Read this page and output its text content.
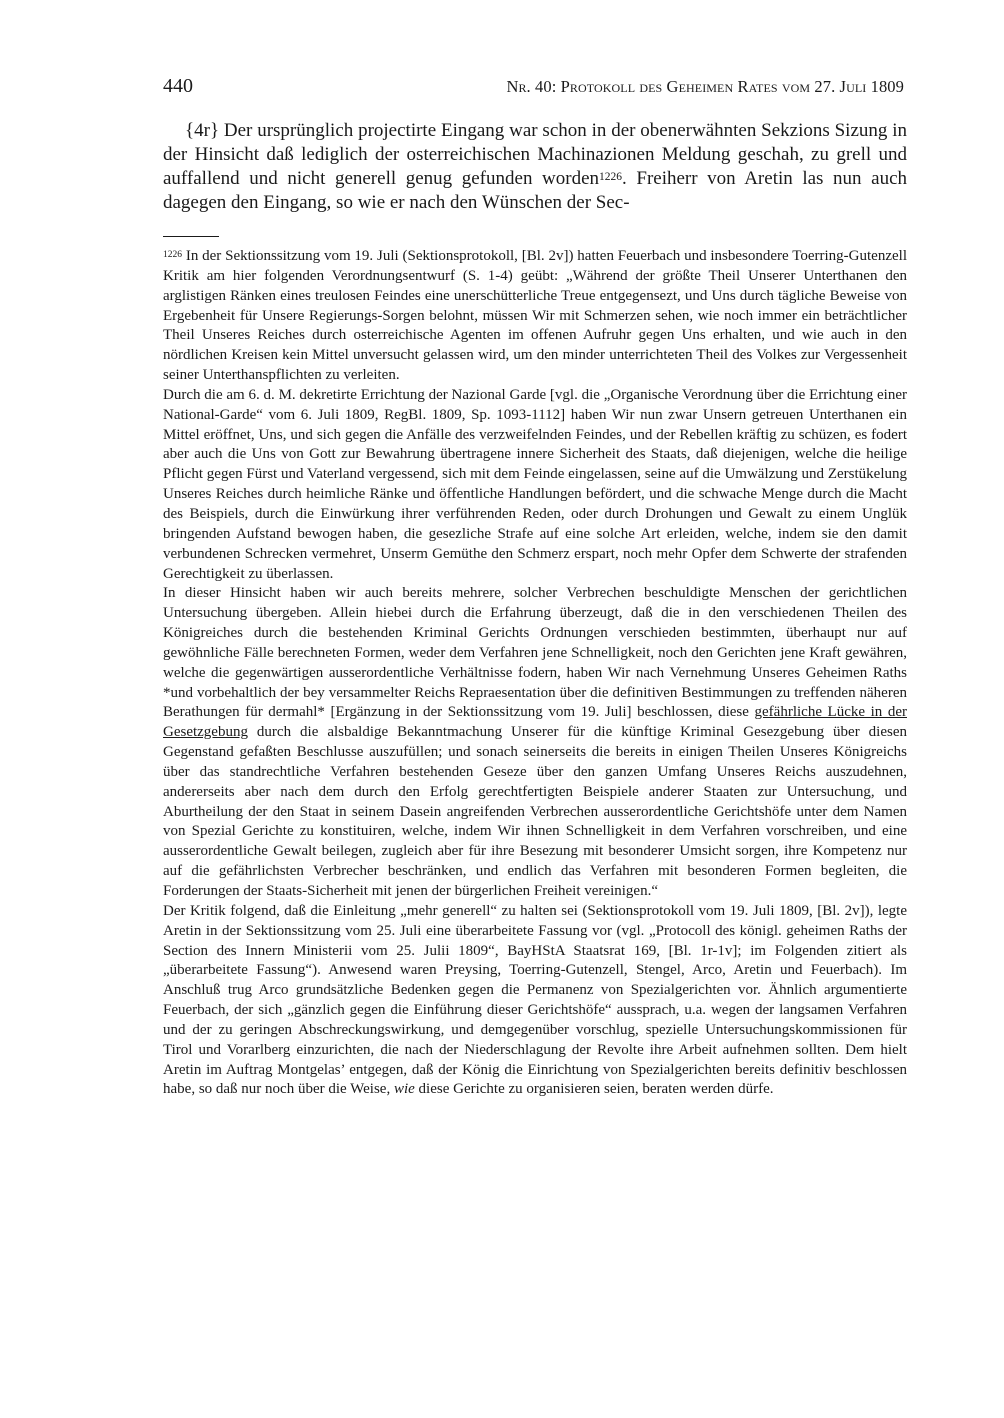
440	Nr. 40: Protokoll des Geheimen Rates vom 27. Juli 1809

{4r} Der ursprünglich projectirte Eingang war schon in der obenerwähnten Sekzions Sizung in der Hinsicht daß lediglich der osterreichischen Machinazionen Meldung geschah, zu grell und auffallend und nicht generell genug gefunden worden$^{1226}$. Freiherr von Aretin las nun auch dagegen den Eingang, so wie er nach den Wünschen der Sec-

$^{1226}$ In der Sektionssitzung vom 19. Juli (Sektionsprotokoll, [Bl. 2v]) hatten Feuerbach und insbesondere Toerring-Gutenzell Kritik am hier folgenden Verordnungsentwurf (S. 1-4) geübt: „Während der größte Theil Unserer Unterthanen den arglistigen Ränken eines treulosen Feindes eine unerschütterliche Treue entgegensezt, und Uns durch tägliche Beweise von Ergebenheit für Unsere Regierungs-Sorgen belohnt, müssen Wir mit Schmerzen sehen, wie noch immer ein beträchtlicher Theil Unseres Reiches durch osterreichische Agenten im offenen Aufruhr gegen Uns erhalten, und wie auch in den nördlichen Kreisen kein Mittel unversucht gelassen wird, um den minder unterrichteten Theil des Volkes zur Vergessenheit seiner Unterthanspflichten zu verleiten.

Durch die am 6. d. M. dekretirte Errichtung der Nazional Garde [vgl. die „Organische Verordnung über die Errichtung einer National-Garde“ vom 6. Juli 1809, RegBl. 1809, Sp. 1093-1112] haben Wir nun zwar Unsern getreuen Unterthanen ein Mittel eröffnet, Uns, und sich gegen die Anfälle des verzweifelnden Feindes, und der Rebellen kräftig zu schüzen, es fodert aber auch die Uns von Gott zur Bewahrung übertragene innere Sicherheit des Staats, daß diejenigen, welche die heilige Pflicht gegen Fürst und Vaterland vergessend, sich mit dem Feinde eingelassen, seine auf die Umwälzung und Zerstükelung Unseres Reiches durch heimliche Ränke und öffentliche Handlungen befördert, und die schwache Menge durch die Macht des Beispiels, durch die Einwürkung ihrer verführenden Reden, oder durch Drohungen und Gewalt zu einem Unglük bringenden Aufstand bewogen haben, die gesezliche Strafe auf eine solche Art erleiden, welche, indem sie den damit verbundenen Schrecken vermehret, Unserm Gemüthe den Schmerz erspart, noch mehr Opfer dem Schwerte der strafenden Gerechtigkeit zu überlassen.

In dieser Hinsicht haben wir auch bereits mehrere, solcher Verbrechen beschuldigte Menschen der gerichtlichen Untersuchung übergeben. Allein hiebei durch die Erfahrung überzeugt, daß die in den verschiedenen Theilen des Königreiches durch die bestehenden Kriminal Gerichts Ordnungen verschieden bestimmten, überhaupt nur auf gewöhnliche Fälle berechneten Formen, weder dem Verfahren jene Schnelligkeit, noch den Gerichten jene Kraft gewähren, welche die gegenwärtigen ausserordentliche Verhältnisse fodern, haben Wir nach Vernehmung Unseres Geheimen Raths *und vorbehaltlich der bey versammelter Reichs Repraesentation über die definitiven Bestimmungen zu treffenden näheren Berathungen für dermahl* [Ergänzung in der Sektionssitzung vom 19. Juli] beschlossen, diese gefährliche Lücke in der Gesetzgebung durch die alsbaldige Bekanntmachung Unserer für die künftige Kriminal Gesezgebung über diesen Gegenstand gefaßten Beschlusse auszufüllen; und sonach seinerseits die bereits in einigen Theilen Unseres Königreichs über das standrechtliche Verfahren bestehenden Geseze über den ganzen Umfang Unseres Reichs auszudehnen, andererseits aber nach dem durch den Erfolg gerechtfertigten Beispiele anderer Staaten zur Untersuchung, und Aburtheilung der den Staat in seinem Dasein angreifenden Verbrechen ausserordentliche Gerichtshöfe unter dem Namen von Spezial Gerichte zu konstituiren, welche, indem Wir ihnen Schnelligkeit in dem Verfahren vorschreiben, und eine ausserordentliche Gewalt beilegen, zugleich aber für ihre Besezung mit besonderer Umsicht sorgen, ihre Kompetenz nur auf die gefährlichsten Verbrecher beschränken, und endlich das Verfahren mit besonderen Formen begleiten, die Forderungen der Staats-Sicherheit mit jenen der bürgerlichen Freiheit vereinigen.“

Der Kritik folgend, daß die Einleitung „mehr generell“ zu halten sei (Sektionsprotokoll vom 19. Juli 1809, [Bl. 2v]), legte Aretin in der Sektionssitzung vom 25. Juli eine überarbeitete Fassung vor (vgl. „Protocoll des königl. geheimen Raths der Section des Innern Ministerii vom 25. Julii 1809“, BayHStA Staatsrat 169, [Bl. 1r-1v]; im Folgenden zitiert als „überarbeitete Fassung“). Anwesend waren Preysing, Toerring-Gutenzell, Stengel, Arco, Aretin und Feuerbach). Im Anschluß trug Arco grundsätzliche Bedenken gegen die Permanenz von Spezialgerichten vor. Ähnlich argumentierte Feuerbach, der sich „gänzlich gegen die Einführung dieser Gerichtshöfe“ aussprach, u.a. wegen der langsamen Verfahren und der zu geringen Abschreckungswirkung, und demgegenüber vorschlug, spezielle Untersuchungskommissionen für Tirol und Vorarlberg einzurichten, die nach der Niederschlagung der Revolte ihre Arbeit aufnehmen sollten. Dem hielt Aretin im Auftrag Montgelas’ entgegen, daß der König die Einrichtung von Spezialgerichten bereits definitiv beschlossen habe, so daß nur noch über die Weise, wie diese Gerichte zu organisieren seien, beraten werden dürfe.
